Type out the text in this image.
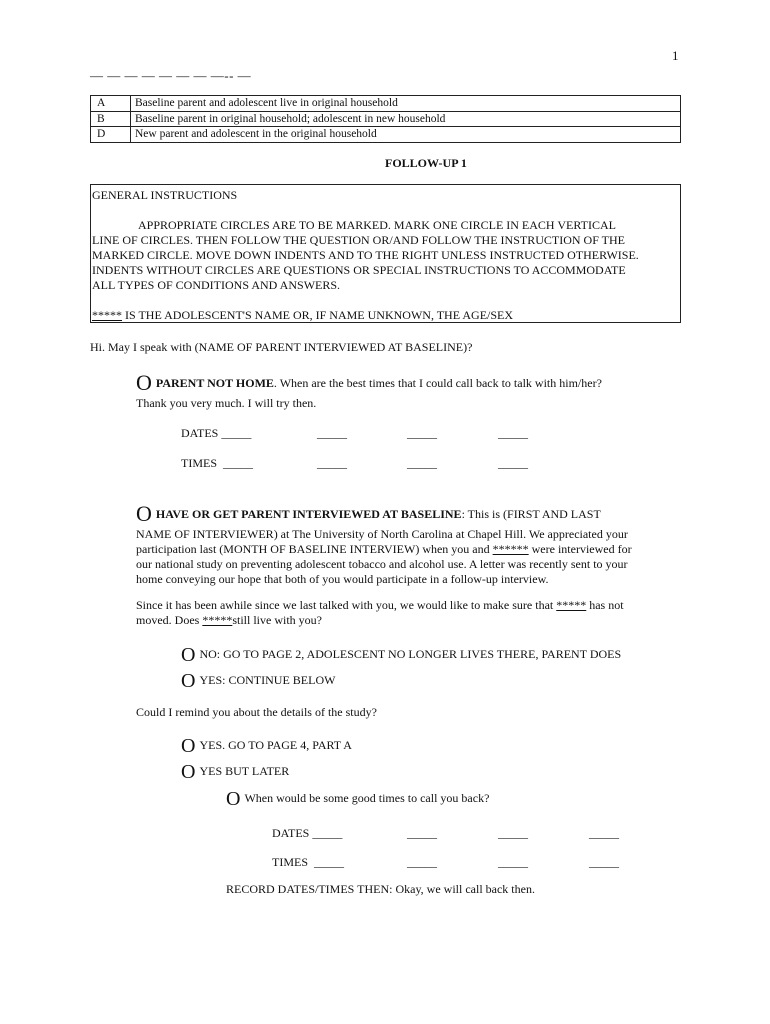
1
— — — — — — — —-- —
A	Baseline parent and adolescent live in original household
B	Baseline parent in original household; adolescent in new household
D	New parent and adolescent in the original household
FOLLOW-UP 1

GENERAL INSTRUCTIONS

APPROPRIATE CIRCLES ARE TO BE MARKED. MARK ONE CIRCLE IN EACH VERTICAL

LINE OF CIRCLES. THEN FOLLOW THE QUESTION OR/AND FOLLOW THE INSTRUCTION OF THE

MARKED CIRCLE. MOVE DOWN INDENTS AND TO THE RIGHT UNLESS INSTRUCTED OTHERWISE.

INDENTS WITHOUT CIRCLES ARE QUESTIONS OR SPECIAL INSTRUCTIONS TO ACCOMMODATE

ALL TYPES OF CONDITIONS AND ANSWERS.

***** IS THE ADOLESCENT'S NAME OR, IF NAME UNKNOWN, THE AGE/SEX

Hi. May I speak with (NAME OF PARENT INTERVIEWED AT BASELINE)?
OPARENT NOT HOME. When are the best times that I could call back to talk with him/her?
Thank you very much. I will try then.
DATES _____	_____	_____	_____
TIMES _____	_____	_____	_____
OHAVE OR GET PARENT INTERVIEWED AT BASELINE: This is (FIRST AND LAST
NAME OF INTERVIEWER) at The University of North Carolina at Chapel Hill. We appreciated your
participation last (MONTH OF BASELINE INTERVIEW) when you and ****** were interviewed for
our national study on preventing adolescent tobacco and alcohol use. A letter was recently sent to your
home conveying our hope that both of you would participate in a follow-up interview.
Since it has been awhile since we last talked with you, we would like to make sure that ***** has not
moved. Does *****still live with you?
ONO: GO TO PAGE 2, ADOLESCENT NO LONGER LIVES THERE, PARENT DOES
OYES: CONTINUE BELOW
Could I remind you about the details of the study?
OYES. GO TO PAGE 4, PART A
OYES BUT LATER
O When would be some good times to call you back?
DATES _____	_____	_____	_____
TIMES _____	_____	_____	_____
RECORD DATES/TIMES THEN: Okay, we will call back then.
